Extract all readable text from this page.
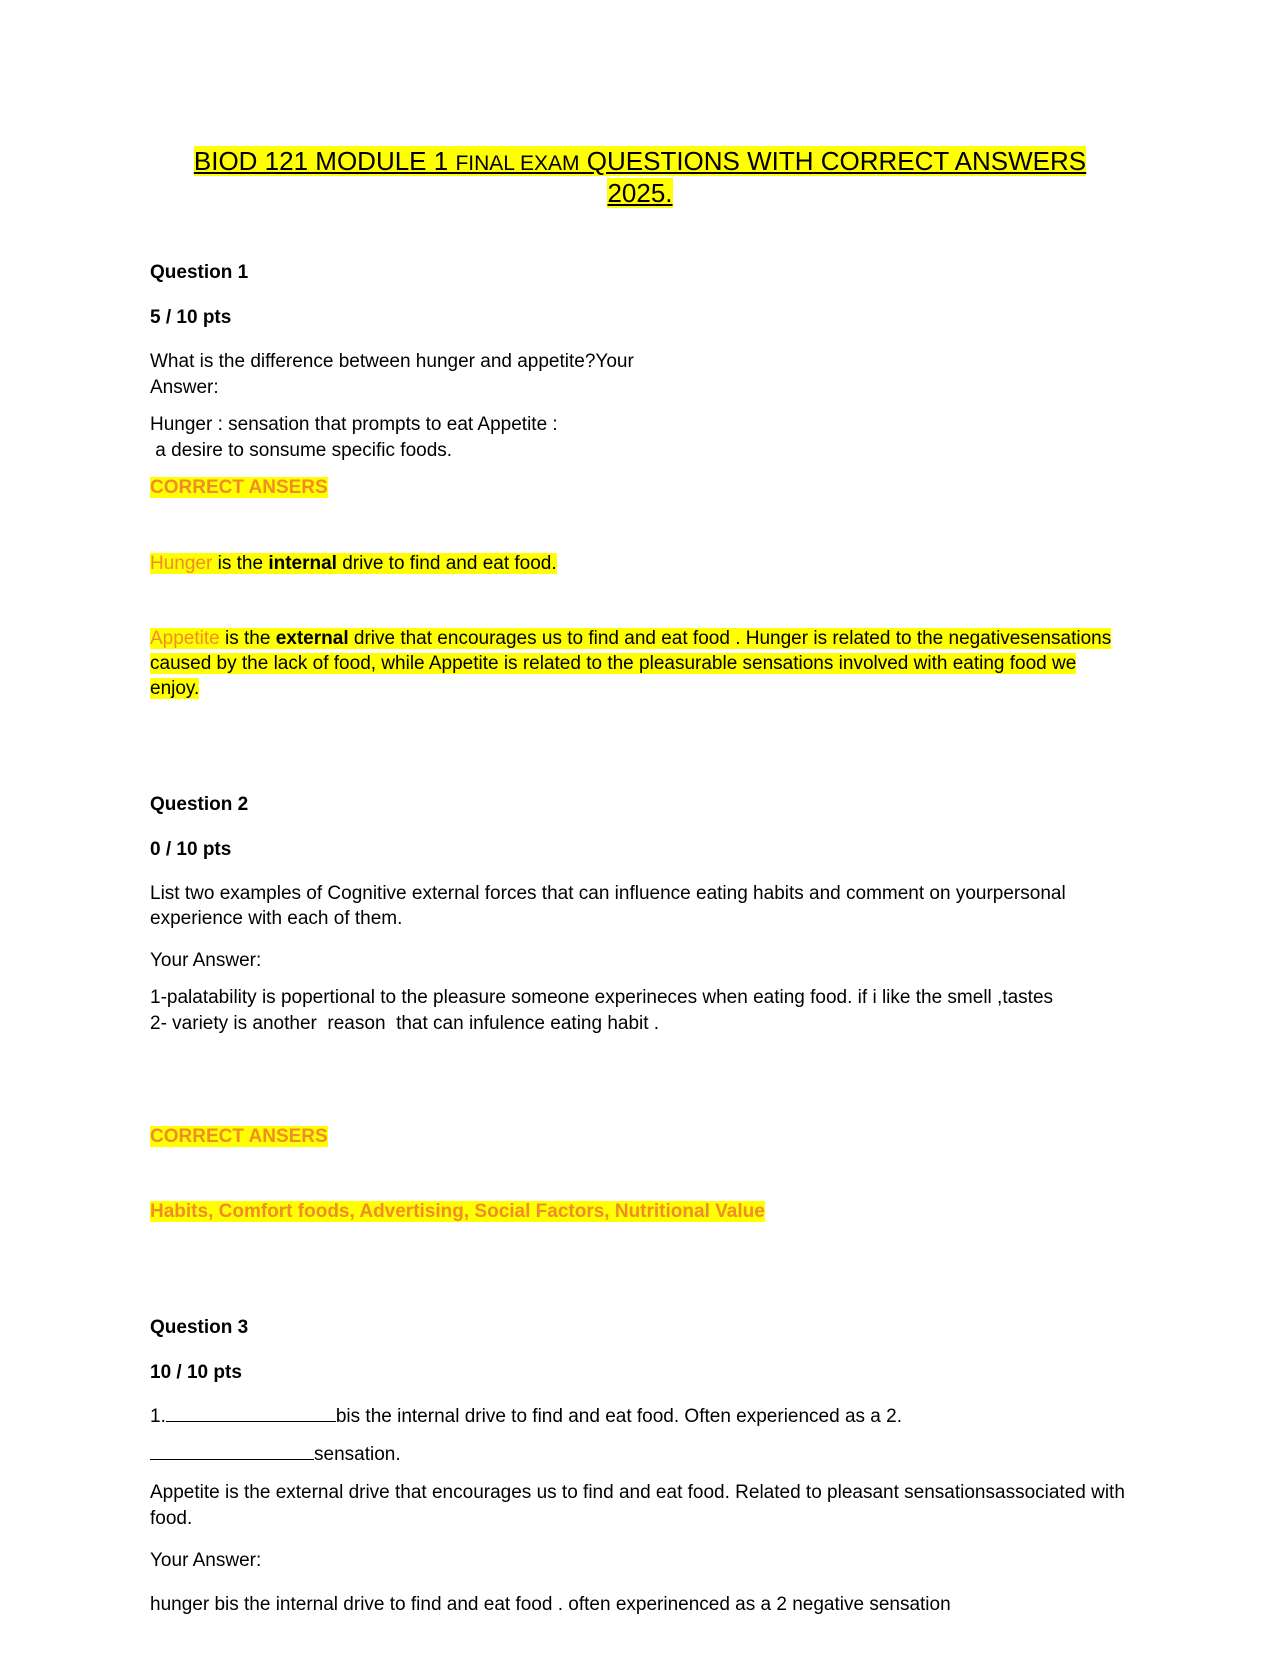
BIOD 121 MODULE 1 FINAL EXAM QUESTIONS WITH CORRECT ANSWERS
2025.
Question 1
5 / 10 pts
What is the difference between hunger and appetite?Your
Answer:
Hunger : sensation that prompts to eat Appetite :
a desire to sonsume specific foods.
CORRECT ANSERS
Hunger is the internal drive to find and eat food.
Appetite is the external drive that encourages us to find and eat food . Hunger is related to the negativesensations
caused by the lack of food, while Appetite is related to the pleasurable sensations involved with eating food we
enjoy.
Question 2
0 / 10 pts
List two examples of Cognitive external forces that can influence eating habits and comment on yourpersonal
experience with each of them.
Your Answer:
1-palatability is popertional to the pleasure someone experineces when eating food. if i like the smell ,tastes
2- variety is another  reason  that can infulence eating habit .
CORRECT ANSERS
Habits, Comfort foods, Advertising, Social Factors, Nutritional Value
Question 3
10 / 10 pts
1.	bis the internal drive to find and eat food. Often experienced as a 2.
sensation.
Appetite is the external drive that encourages us to find and eat food. Related to pleasant sensationsassociated with
food.
Your Answer:
hunger bis the internal drive to find and eat food . often experinenced as a 2 negative sensation
